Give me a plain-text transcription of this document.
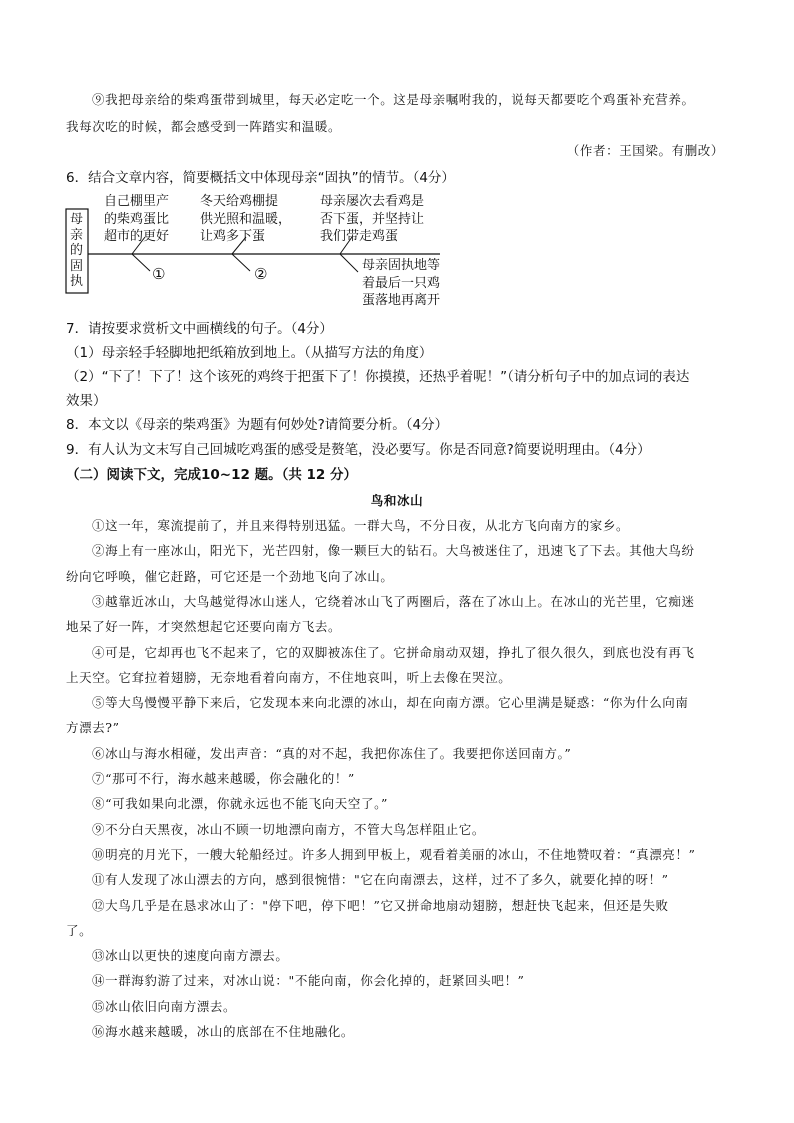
⑨我把母亲给的柴鸡蛋带到城里，每天必定吃一个。这是母亲嘱咐我的，说每天都要吃个鸡蛋补充营养。
我每次吃的时候，都会感受到一阵踏实和温暖。
（作者：王国梁。有删改）
6．结合文章内容，简要概括文中体现母亲“固执”的情节。（4分）
母
亲
的
固
执
自己棚里产
的柴鸡蛋比
超市的更好
冬天给鸡棚提
供光照和温暖，
让鸡多下蛋
母亲屡次去看鸡是
否下蛋，并坚持让
我们带走鸡蛋
母亲固执地等
着最后一只鸡
蛋落地再离开
①	②
7．请按要求赏析文中画横线的句子。（4分）
（1）母亲轻手轻脚地把纸箱放到地上。（从描写方法的角度）
（2）“下了！下了！这个该死的鸡终于把蛋下了！你摸摸，还热乎着呢！”（请分析句子中的加点词的表达
效果）
8．本文以《母亲的柴鸡蛋》为题有何妙处?请简要分析。（4分）
9．有人认为文末写自己回城吃鸡蛋的感受是赘笔，没必要写。你是否同意?简要说明理由。（4分）
（二）阅读下文，完成10~12 题。（共 12 分）
鸟和冰山
①这一年，寒流提前了，并且来得特别迅猛。一群大鸟，不分日夜，从北方飞向南方的家乡。
②海上有一座冰山，阳光下，光芒四射，像一颗巨大的钻石。大鸟被迷住了，迅速飞了下去。其他大鸟纷
纷向它呼唤，催它赶路，可它还是一个劲地飞向了冰山。
③越靠近冰山，大鸟越觉得冰山迷人，它绕着冰山飞了两圈后，落在了冰山上。在冰山的光芒里，它痴迷
地呆了好一阵，才突然想起它还要向南方飞去。
④可是，它却再也飞不起来了，它的双脚被冻住了。它拼命扇动双翅，挣扎了很久很久，到底也没有再飞
上天空。它耷拉着翅膀，无奈地看着向南方，不住地哀叫，听上去像在哭泣。
⑤等大鸟慢慢平静下来后，它发现本来向北漂的冰山，却在向南方漂。它心里满是疑惑：“你为什么向南
方漂去?”
⑥冰山与海水相碰，发出声音：“真的对不起，我把你冻住了。我要把你送回南方。”
⑦“那可不行，海水越来越暖，你会融化的！”
⑧“可我如果向北漂，你就永远也不能飞向天空了。”
⑨不分白天黑夜，冰山不顾一切地漂向南方，不管大鸟怎样阻止它。
⑩明亮的月光下，一艘大轮船经过。许多人拥到甲板上，观看着美丽的冰山，不住地赞叹着：“真漂亮！”
⑪有人发现了冰山漂去的方向，感到很惋惜："它在向南漂去，这样，过不了多久，就要化掉的呀！”
⑫大鸟几乎是在恳求冰山了："停下吧，停下吧！”它又拼命地扇动翅膀，想赶快飞起来，但还是失败
了。
⑬冰山以更快的速度向南方漂去。
⑭一群海豹游了过来，对冰山说："不能向南，你会化掉的，赶紧回头吧！”
⑮冰山依旧向南方漂去。
⑯海水越来越暖，冰山的底部在不住地融化。
